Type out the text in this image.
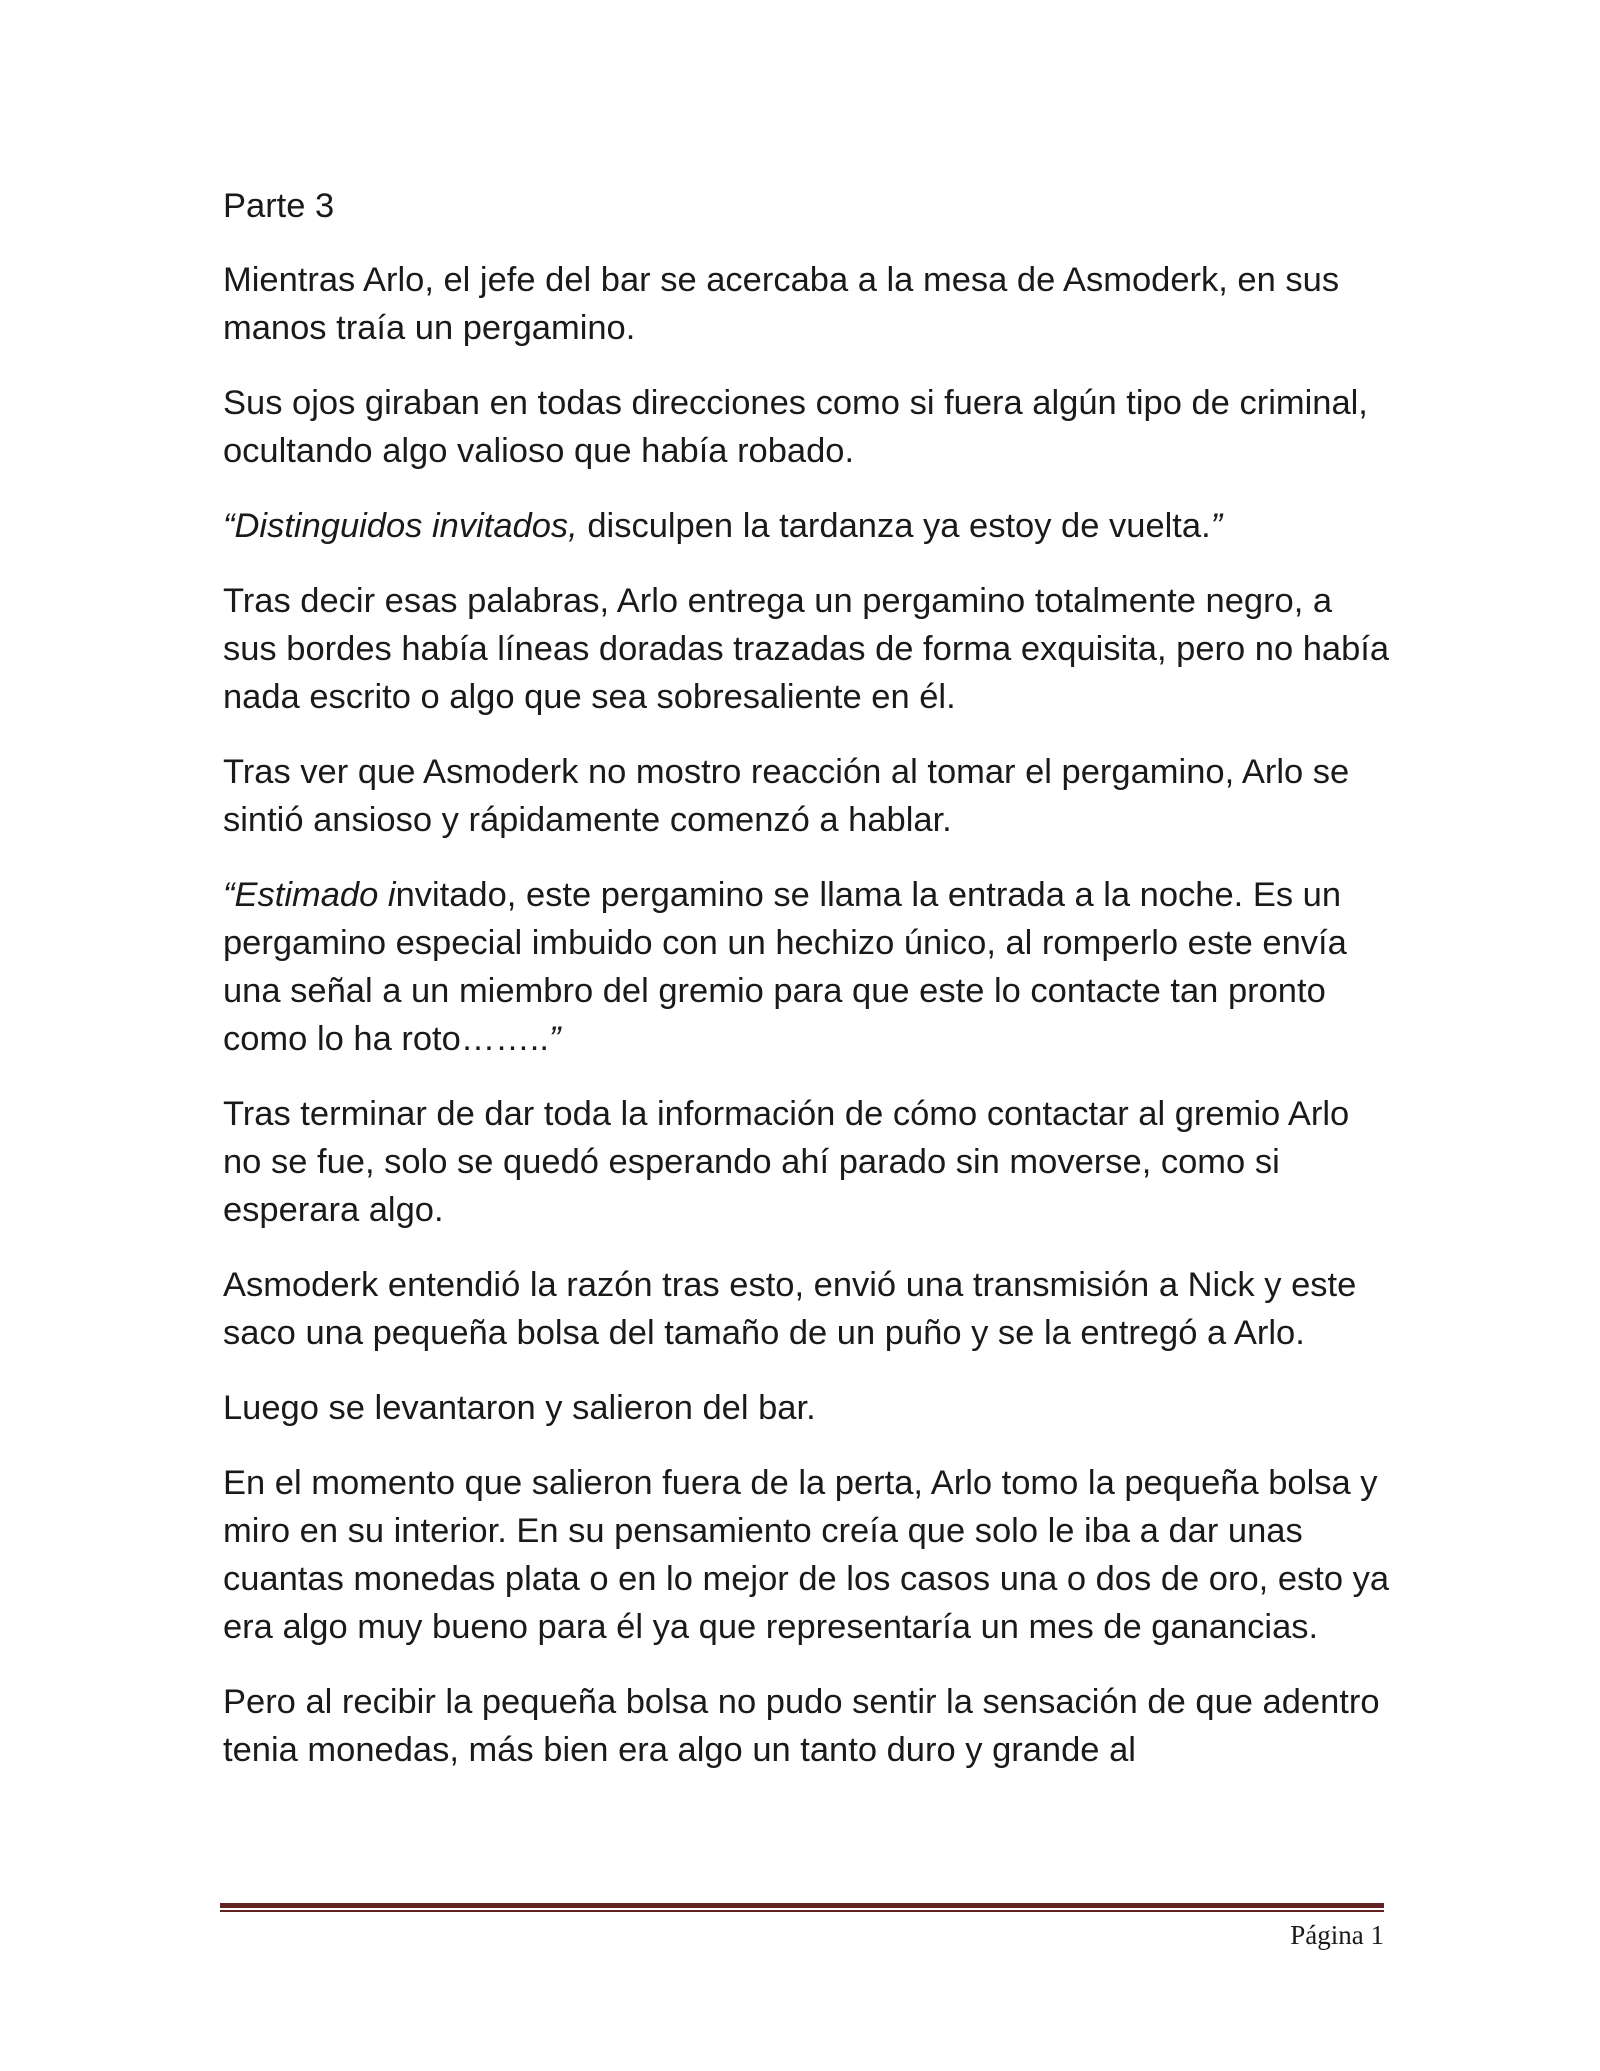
Parte 3

Mientras Arlo, el jefe del bar se acercaba a la mesa de Asmoderk, en sus manos traía un pergamino.

Sus ojos giraban en todas direcciones como si fuera algún tipo de criminal, ocultando algo valioso que había robado.

“Distinguidos invitados, disculpen la tardanza ya estoy de vuelta.”

Tras decir esas palabras, Arlo entrega un pergamino totalmente negro, a sus bordes había líneas doradas trazadas de forma exquisita, pero no había nada escrito o algo que sea sobresaliente en él.

Tras ver que Asmoderk no mostro reacción al tomar el pergamino, Arlo se sintió ansioso y rápidamente comenzó a hablar.

“Estimado invitado, este pergamino se llama la entrada a la noche. Es un pergamino especial imbuido con un hechizo único, al romperlo este envía una señal a un miembro del gremio para que este lo contacte tan pronto como lo ha roto……..”

Tras terminar de dar toda la información de cómo contactar al gremio Arlo no se fue, solo se quedó esperando ahí parado sin moverse, como si esperara algo.

Asmoderk entendió la razón tras esto, envió una transmisión a Nick y este saco una pequeña bolsa del tamaño de un puño y se la entregó a Arlo.

Luego se levantaron y salieron del bar.

En el momento que salieron fuera de la perta, Arlo tomo la pequeña bolsa y miro en su interior. En su pensamiento creía que solo le iba a dar unas cuantas monedas plata o en lo mejor de los casos una o dos de oro, esto ya era algo muy bueno para él ya que representaría un mes de ganancias.

Pero al recibir la pequeña bolsa no pudo sentir la sensación de que adentro tenia monedas, más bien era algo un tanto duro y grande al

Página 1
